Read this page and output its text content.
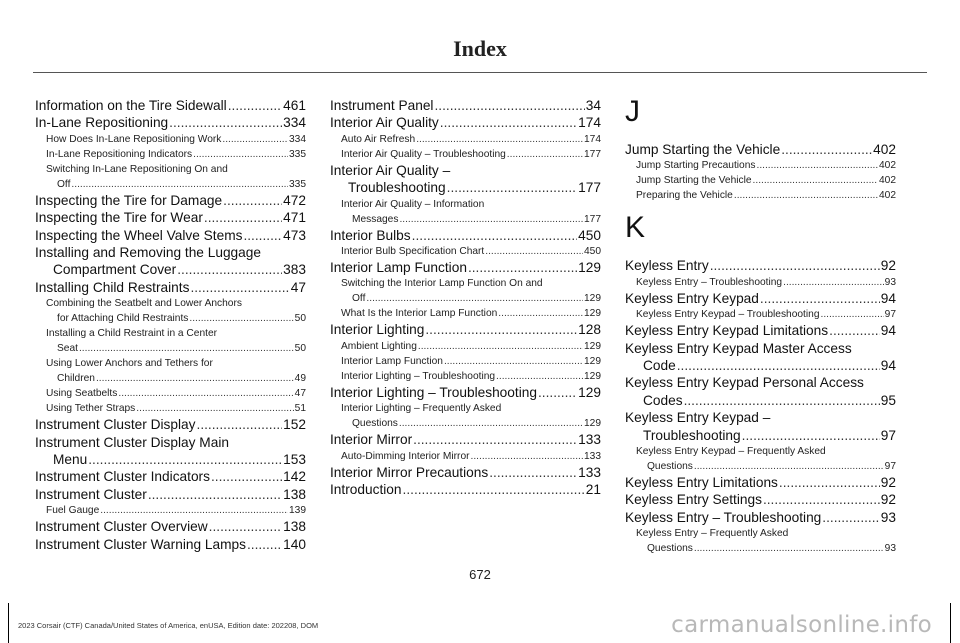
Index
Information on the Tire Sidewall .....	461
In-Lane Repositioning .....	334
How Does In-Lane Repositioning Work .....	334
In-Lane Repositioning Indicators .....	335
Switching In-Lane Repositioning On and
Off .....	335
Inspecting the Tire for Damage .....	472
Inspecting the Tire for Wear .....	471
Inspecting the Wheel Valve Stems .....	473
Installing and Removing the Luggage
Compartment Cover .....	383
Installing Child Restraints .....	47
Combining the Seatbelt and Lower Anchors
for Attaching Child Restraints .....	50
Installing a Child Restraint in a Center
Seat .....	50
Using Lower Anchors and Tethers for
Children .....	49
Using Seatbelts .....	47
Using Tether Straps .....	51
Instrument Cluster Display .....	152
Instrument Cluster Display Main
Menu .....	153
Instrument Cluster Indicators .....	142
Instrument Cluster .....	138
Fuel Gauge .....	139
Instrument Cluster Overview .....	138
Instrument Cluster Warning Lamps .....	140
Instrument Panel .....	34
Interior Air Quality .....	174
Auto Air Refresh .....	174
Interior Air Quality – Troubleshooting .....	177
Interior Air Quality –
Troubleshooting .....	177
Interior Air Quality – Information
Messages .....	177
Interior Bulbs .....	450
Interior Bulb Specification Chart .....	450
Interior Lamp Function .....	129
Switching the Interior Lamp Function On and
Off .....	129
What Is the Interior Lamp Function .....	129
Interior Lighting .....	128
Ambient Lighting .....	129
Interior Lamp Function .....	129
Interior Lighting – Troubleshooting .....	129
Interior Lighting – Troubleshooting .....	129
Interior Lighting – Frequently Asked
Questions .....	129
Interior Mirror .....	133
Auto-Dimming Interior Mirror .....	133
Interior Mirror Precautions .....	133
Introduction .....	21
J
Jump Starting the Vehicle .....	402
Jump Starting Precautions .....	402
Jump Starting the Vehicle .....	402
Preparing the Vehicle .....	402
K
Keyless Entry .....	92
Keyless Entry – Troubleshooting .....	93
Keyless Entry Keypad .....	94
Keyless Entry Keypad – Troubleshooting .....	97
Keyless Entry Keypad Limitations .....	94
Keyless Entry Keypad Master Access
Code .....	94
Keyless Entry Keypad Personal Access
Codes .....	95
Keyless Entry Keypad –
Troubleshooting .....	97
Keyless Entry Keypad – Frequently Asked
Questions .....	97
Keyless Entry Limitations .....	92
Keyless Entry Settings .....	92
Keyless Entry – Troubleshooting .....	93
Keyless Entry – Frequently Asked
Questions .....	93
672
2023 Corsair (CTF) Canada/United States of America, enUSA, Edition date: 202208, DOM	carmanualsonline.info
